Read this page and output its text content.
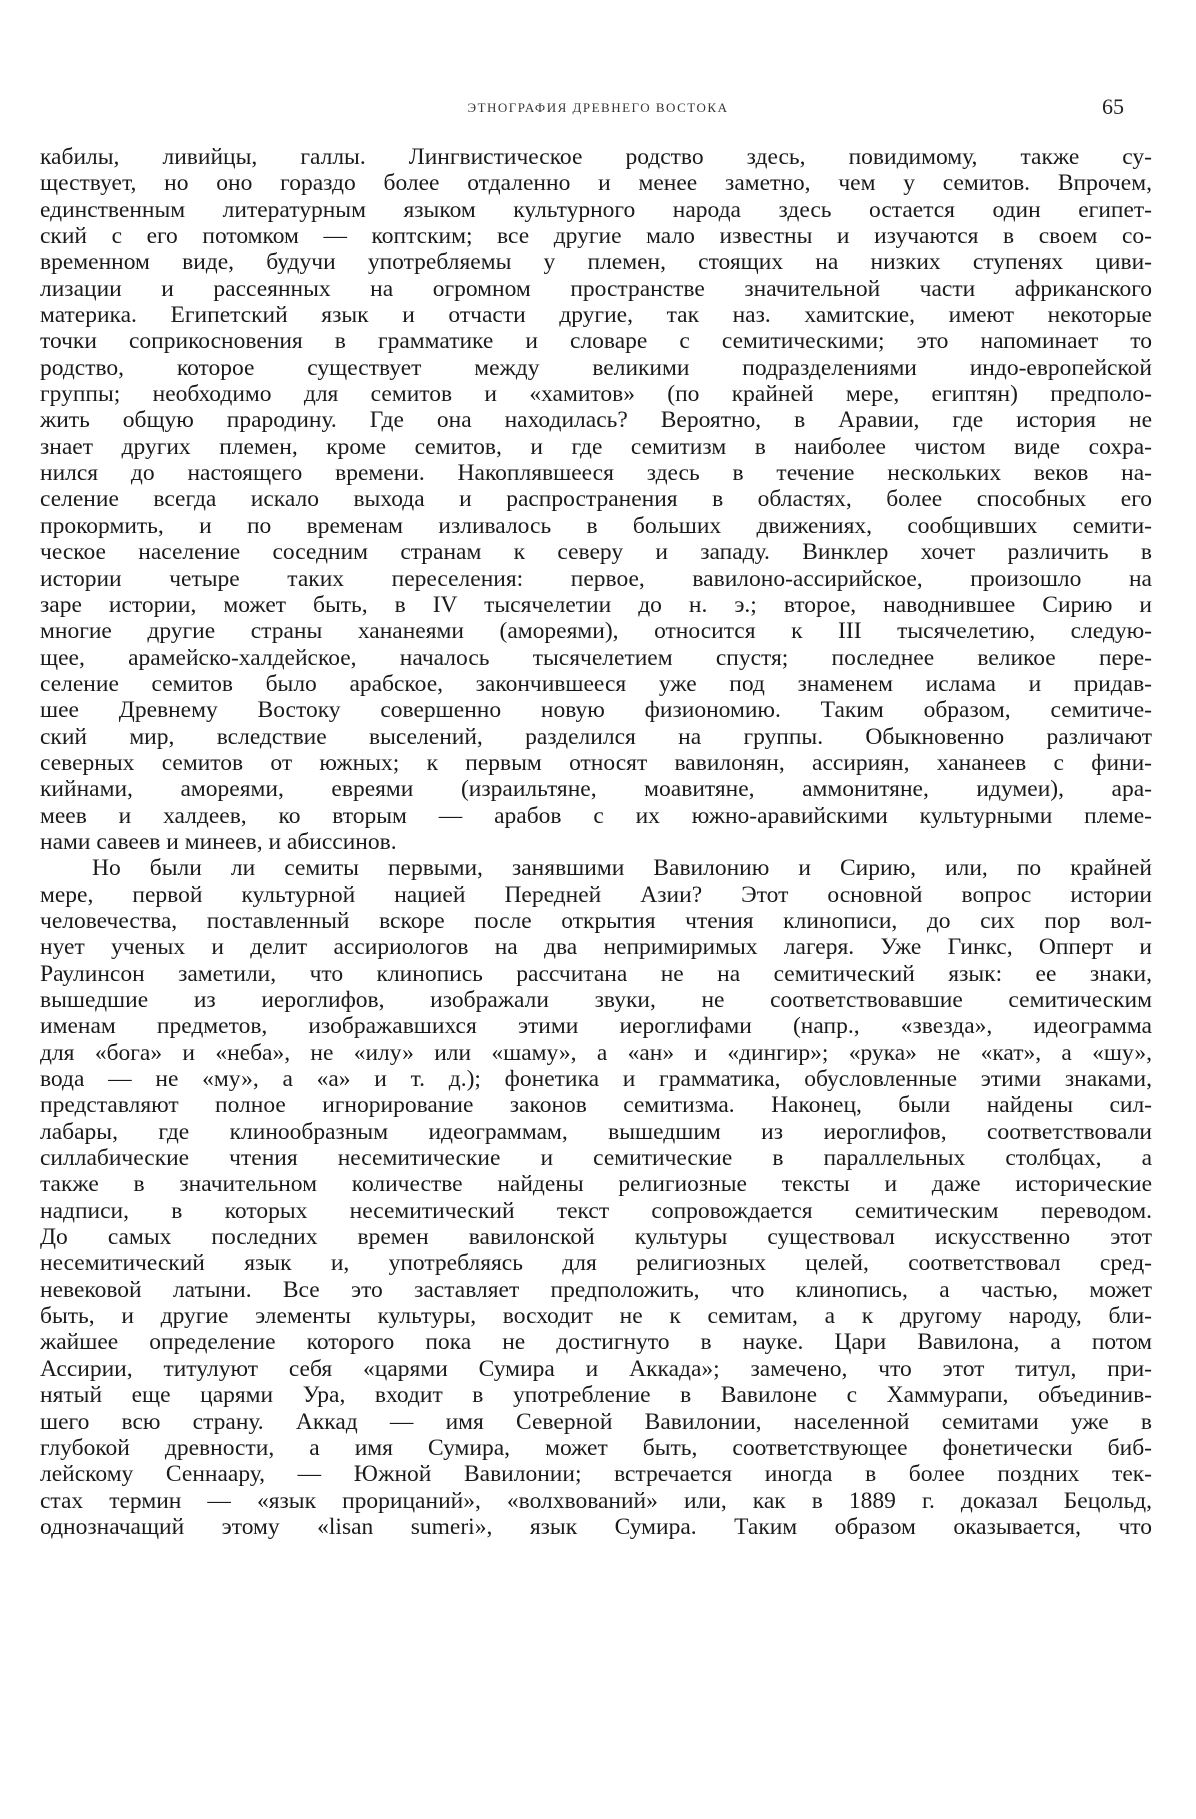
ЭТНОГРАФИЯ ДРЕВНЕГО ВОСТОКА	65
кабилы, ливийцы, галлы. Лингвистическое родство здесь, повидимому, также су-
ществует, но оно гораздо более отдаленно и менее заметно, чем у семитов. Впрочем,
единственным литературным языком культурного народа здесь остается один египет-
ский с его потомком — коптским; все другие мало известны и изучаются в своем со-
временном виде, будучи употребляемы у племен, стоящих на низких ступенях циви-
лизации и рассеянных на огромном пространстве значительной части африканского
материка. Египетский язык и отчасти другие, так наз. хамитские, имеют некоторые
точки соприкосновения в грамматике и словаре с семитическими; это напоминает то
родство, которое существует между великими подразделениями индо-европейской
группы; необходимо для семитов и «хамитов» (по крайней мере, египтян) предполо-
жить общую прародину. Где она находилась? Вероятно, в Аравии, где история не
знает других племен, кроме семитов, и где семитизм в наиболее чистом виде сохра-
нился до настоящего времени. Накоплявшееся здесь в течение нескольких веков на-
селение всегда искало выхода и распространения в областях, более способных его
прокормить, и по временам изливалось в больших движениях, сообщивших семити-
ческое население соседним странам к северу и западу. Винклер хочет различить в
истории четыре таких переселения: первое, вавилоно-ассирийское, произошло на
заре истории, может быть, в IV тысячелетии до н. э.; второе, наводнившее Сирию и
многие другие страны хананеями (амореями), относится к III тысячелетию, следую-
щее, арамейско-халдейское, началось тысячелетием спустя; последнее великое пере-
селение семитов было арабское, закончившееся уже под знаменем ислама и придав-
шее Древнему Востоку совершенно новую физиономию. Таким образом, семитиче-
ский мир, вследствие выселений, разделился на группы. Обыкновенно различают
северных семитов от южных; к первым относят вавилонян, ассириян, хананеев с фини-
кийнами, амореями, евреями (израильтяне, моавитяне, аммонитяне, идумеи), ара-
меев и халдеев, ко вторым — арабов с их южно-аравийскими культурными племе-
нами савеев и минеев, и абиссинов.
Но были ли семиты первыми, занявшими Вавилонию и Сирию, или, по крайней
мере, первой культурной нацией Передней Азии? Этот основной вопрос истории
человечества, поставленный вскоре после открытия чтения клинописи, до сих пор вол-
нует ученых и делит ассириологов на два непримиримых лагеря. Уже Гинкс, Опперт и
Раулинсон заметили, что клинопись рассчитана не на семитический язык: ее знаки,
вышедшие из иероглифов, изображали звуки, не соответствовавшие семитическим
именам предметов, изображавшихся этими иероглифами (напр., «звезда», идеограмма
для «бога» и «неба», не «илу» или «шаму», а «ан» и «дингир»; «рука» не «кат», а «шу»,
вода — не «му», а «а» и т. д.); фонетика и грамматика, обусловленные этими знаками,
представляют полное игнорирование законов семитизма. Наконец, были найдены сил-
лабары, где клинообразным идеограммам, вышедшим из иероглифов, соответствовали
силлабические чтения несемитические и семитические в параллельных столбцах, а
также в значительном количестве найдены религиозные тексты и даже исторические
надписи, в которых несемитический текст сопровождается семитическим переводом.
До самых последних времен вавилонской культуры существовал искусственно этот
несемитический язык и, употребляясь для религиозных целей, соответствовал сред-
невековой латыни. Все это заставляет предположить, что клинопись, а частью, может
быть, и другие элементы культуры, восходит не к семитам, а к другому народу, бли-
жайшее определение которого пока не достигнуто в науке. Цари Вавилона, а потом
Ассирии, титулуют себя «царями Сумира и Аккада»; замечено, что этот титул, при-
нятый еще царями Ура, входит в употребление в Вавилоне с Хаммурапи, объединив-
шего всю страну. Аккад — имя Северной Вавилонии, населенной семитами уже в
глубокой древности, а имя Сумира, может быть, соответствующее фонетически биб-
лейскому Сеннаару, — Южной Вавилонии; встречается иногда в более поздних тек-
стах термин — «язык прорицаний», «волхвований» или, как в 1889 г. доказал Бецольд,
однозначащий этому «lisan sumeri», язык Сумира. Таким образом оказывается, что
